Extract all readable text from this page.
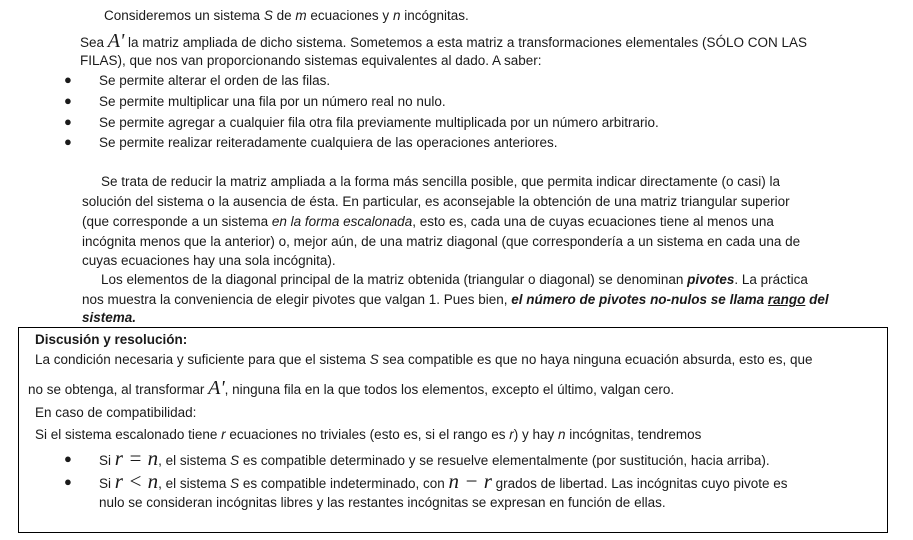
Consideremos un sistema S de m ecuaciones y n incógnitas.
Sea A' la matriz ampliada de dicho sistema. Sometemos a esta matriz a transformaciones elementales (SÓLO CON LAS
FILAS), que nos van proporcionando sistemas equivalentes al dado. A saber:
● Se permite alterar el orden de las filas.
● Se permite multiplicar una fila por un número real no nulo.
● Se permite agregar a cualquier fila otra fila previamente multiplicada por un número arbitrario.
● Se permite realizar reiteradamente cualquiera de las operaciones anteriores.
Se trata de reducir la matriz ampliada a la forma más sencilla posible, que permita indicar directamente (o casi) la
solución del sistema o la ausencia de ésta. En particular, es aconsejable la obtención de una matriz triangular superior
(que corresponde a un sistema en la forma escalonada, esto es, cada una de cuyas ecuaciones tiene al menos una
incógnita menos que la anterior) o, mejor aún, de una matriz diagonal (que correspondería a un sistema en cada una de
cuyas ecuaciones hay una sola incógnita).
Los elementos de la diagonal principal de la matriz obtenida (triangular o diagonal) se denominan pivotes. La práctica
nos muestra la conveniencia de elegir pivotes que valgan 1. Pues bien, el número de pivotes no-nulos se llama rango del
sistema.
Discusión y resolución:
La condición necesaria y suficiente para que el sistema S sea compatible es que no haya ninguna ecuación absurda, esto es, que
no se obtenga, al transformar A', ninguna fila en la que todos los elementos, excepto el último, valgan cero.
En caso de compatibilidad:
Si el sistema escalonado tiene r ecuaciones no triviales (esto es, si el rango es r) y hay n incógnitas, tendremos
● Si r = n, el sistema S es compatible determinado y se resuelve elementalmente (por sustitución, hacia arriba).
● Si r < n, el sistema S es compatible indeterminado, con n − r grados de libertad. Las incógnitas cuyo pivote es
nulo se consideran incógnitas libres y las restantes incógnitas se expresan en función de ellas.
